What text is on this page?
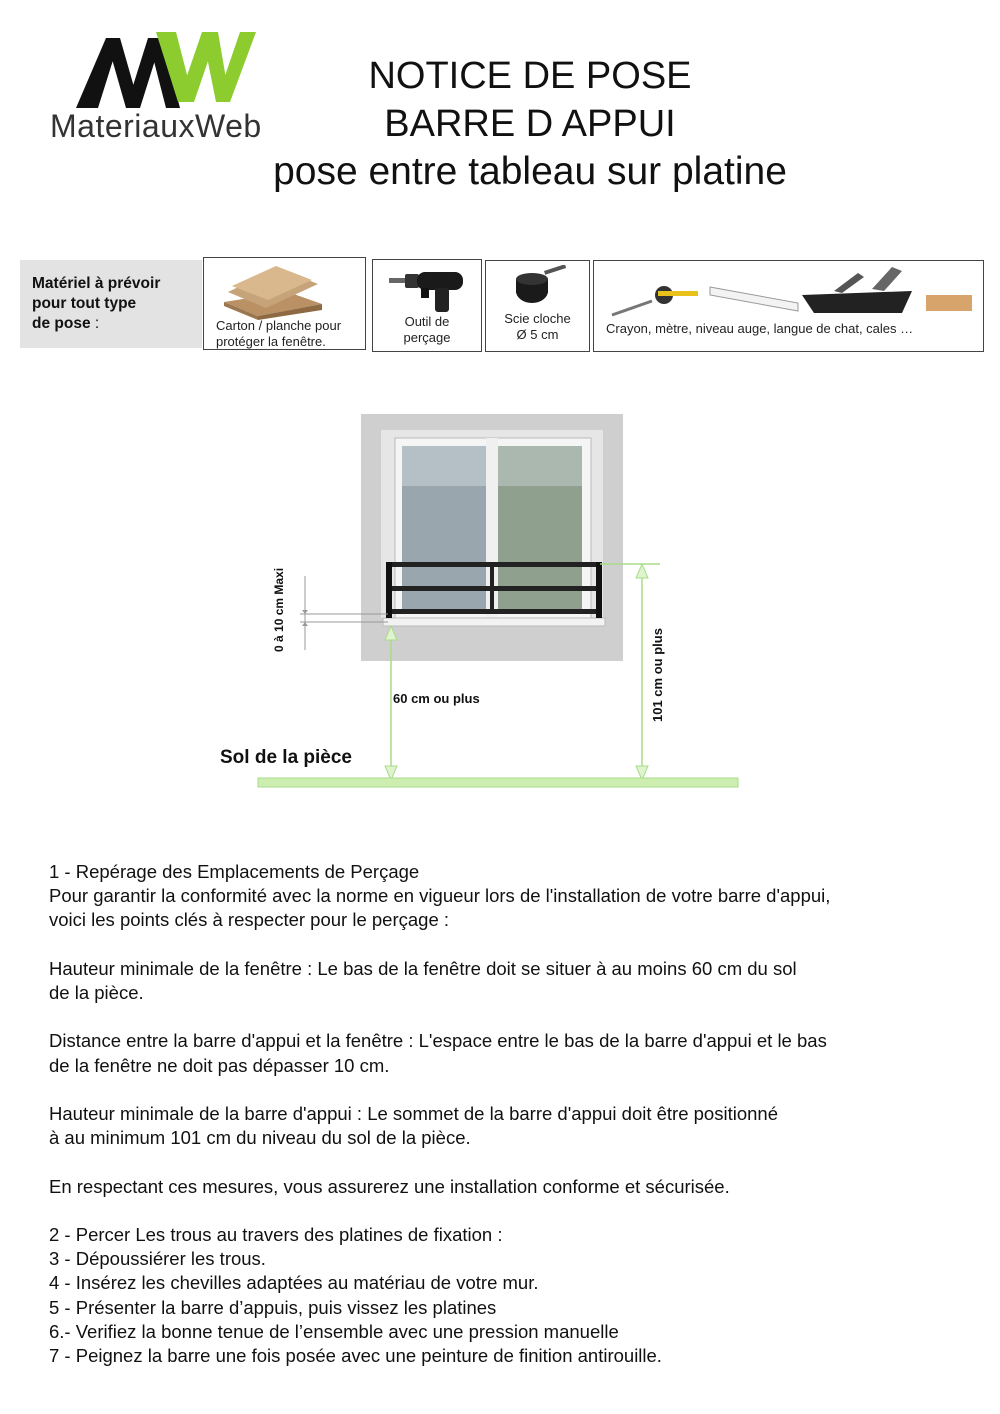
MateriauxWeb
NOTICE DE POSE
BARRE D APPUI
pose entre tableau sur platine
Matériel à prévoir
pour tout type
de pose :	Carton / planche pour
protéger la fenêtre.
Outil de
perçage
Scie cloche
Ø 5 cm	Crayon, mètre, niveau auge, langue de chat, cales …
0 à 10 cm Maxi
60 cm ou plus	101 cm ou plus
Sol de la pièce

1 - Repérage des Emplacements de Perçage

Pour garantir la conformité avec la norme en vigueur lors de l'installation de votre barre d'appui,

voici les points clés à respecter pour le perçage :

Hauteur minimale de la fenêtre : Le bas de la fenêtre doit se situer à au moins 60 cm du sol

de la pièce.

Distance entre la barre d'appui et la fenêtre : L'espace entre le bas de la barre d'appui et le bas

de la fenêtre ne doit pas dépasser 10 cm.

Hauteur minimale de la barre d'appui : Le sommet de la barre d'appui doit être positionné

à au minimum 101 cm du niveau du sol de la pièce.

En respectant ces mesures, vous assurerez une installation conforme et sécurisée.

2 - Percer Les trous au travers des platines de fixation :

3 - Dépoussiérer les trous.

4 - Insérez les chevilles adaptées au matériau de votre mur.

5 - Présenter la barre d’appuis, puis vissez les platines

6.- Verifiez la bonne tenue de l’ensemble avec une pression manuelle

7 - Peignez la barre une fois posée avec une peinture de finition antirouille.
